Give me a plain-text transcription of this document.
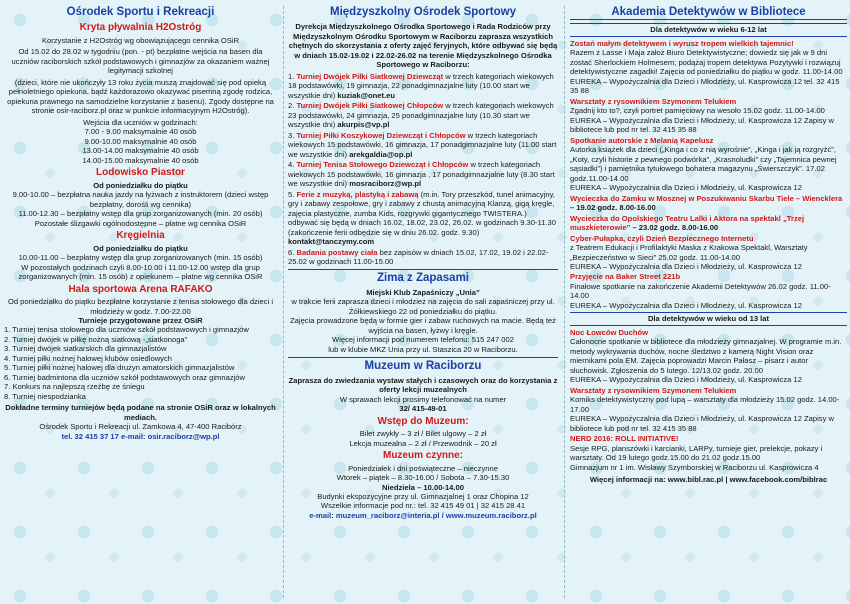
Ośrodek Sportu i Rekreacji
Kryta pływalnia H2Ostróg
Korzystanie z H2Ostróg wg obowiązującego cennika OSiR
Od 15.02 do 28.02 w tygodniu (pon. - pt) bezpłatne wejścia na basen dla uczniów raciborskich szkół podstawowych i gimnazjów za okazaniem ważnej legitymacji szkolnej
(dzieci, które nie ukończyły 13 roku życia muszą znajdować się pod opieką pełnoletniego opiekuna, bądź każdorazowo okazywać pisemną zgodę rodzica, opiekuna prawnego na samodzielne korzystanie z basenu). Zgody dostępne na stronie osir-raciborz.pl oraz w punkcie informacyjnym H2Ostróg).
Wejścia dla uczniów w godzinach:
7.00 - 9.00 maksymalnie 40 osób
9.00-10.00 maksymalnie 40 osób
13.00-14.00 maksymalnie 40 osób
14.00-15.00 maksymalnie 40 osób
Lodowisko Piastor
Od poniedziałku do piątku
9.00-10.00 – bezpłatna nauka jazdy na łyżwach z instruktorem (dzieci wstęp bezpłatny, dorośli wg cennika)
11.00-12.30 – bezpłatny wstęp dla grup zorganizowanych (min. 20 osób)
Pozostałe ślizgawki ogólnodostępne – płatne wg cennika OSiR
Kręgielnia
Od poniedziałku do piątku
10.00-11.00 – bezpłatny wstęp dla grup zorganizowanych (min. 15 osób)
W pozostałych godzinach czyli 8.00-10.00 i 11.00-12.00 wstęp dla grup zorganizowanych (min. 15 osób) z opiekunem – płatne wg cennika OSiR
Hala sportowa Arena RAFAKO
Od poniedziałku do piątku bezpłatne korzystanie z tenisa stołowego dla dzieci i młodzieży w godz. 7.00-22.00
Turnieje przygotowane przez OSiR
1. Turniej tenisa stołowego dla uczniów szkół podstawowych i gimnazjów
2. Turniej dwójek w piłkę nożną siatkową -„siatkonoga”
3. Turniej dwójek siatkarskich dla gimnazjalistów
4. Turniej piłki nożnej halowej klubów osiedlowych
5. Turniej piłki nożnej halowej dla drużyn amatorskich gimnazjalistów
6. Turniej badmintona dla uczniów szkół podstawowych oraz gimnazjów
7. Konkurs na najlepszą rzeźbę ze śniegu
8. Turniej niespodzianka
Dokładne terminy turniejów będą podane na stronie OSiR oraz w lokalnych mediach.
Ośrodek Sportu i Rekreacji ul. Zamkowa 4, 47-400 Racibórz
tel. 32 415 37 17 e-mail: osir.raciborz@wp.pl
Międzyszkolny Ośrodek Sportowy
Dyrekcja Międzyszkolnego Ośrodka Sportowego i Rada Rodziców przy Międzyszkolnym Ośrodku Sportowym w Raciborzu zaprasza wszystkich chętnych do skorzystania z oferty zajęć feryjnych, które odbywać się będą w dniach 15.02-19.02 i 22.02-26.02 na terenie Międzyszkolnego Ośrodka Sportowego w Raciborzu:
1. Turniej Dwójek Piłki Siatkowej Dziewcząt w trzech kategoriach wiekowych 18 podstawówki, 19 gimnazja, 22 ponadgimnazjalne luty (10.00 start we wszystkie dni) kuziak@onet.eu
2. Turniej Dwójek Piłki Siatkowej Chłopców w trzech kategoriach wiekowych 23 podstawówki, 24 gimnazja, 25 ponadgimnazjalne luty (10.30 start we wszystkie dni) akurpis@vp.pl
3. Turniej Piłki Koszykowej Dziewcząt i Chłopców w trzech kategoriach wiekowych 15 podstawówki, 16 gimnazja, 17 ponadgimnazjalne luty (11.00 start we wszystkie dni) arekgaldia@op.pl
4. Turniej Tenisa Stołowego Dziewcząt i Chłopców w trzech kategoriach wiekowych 15 podstawówki, 16 gimnazja , 17 ponadgimnazjalne luty (8.30 start we wszystkie dni) mosraciborz@wp.pl
5. Ferie z muzyką, plastyką i zabawą (m.in. Tory przeszkód, tunel animacyjny, gry i zabawy zespołowe, gry i zabawy z chustą animacyjną Klanzą, gigą kręgle, zajęcia plastyczne, zumba Kids, rozgrywki gigantycznego TWISTERA.) odbywać się będą w dniach 16.02, 18.02, 23.02, 26.02. w godzinach 9.30-11.30 (zakończenie ferii odbędzie się w dniu 26.02. godz. 9.30) kontakt@tanczymy.com
6. Badania postawy ciała bez zapisów w dniach 15.02, 17.02, 19.02 i 22.02-25.02 w godzinach 11.00-15.00
Zima z Zapasami
Miejski Klub Zapaśniczy „Unia”
w trakcie ferii zaprasza dzieci i młodzież na zajęcia do sali zapaśniczej przy ul. Żółkiewskiego 22 od poniedziałku do piątku.
Zajęcia prowadzone będą w formie gier i zabaw ruchowych na macie. Będą też wyjścia na basen, łyżwy i kręgle.
Więcej informacji pod numerem telefonu: 515 247 002
lub w klubie MKZ Unia przy ul. Staszica 20 w Raciborzu.
Muzeum w Raciborzu
Zaprasza do zwiedzania wystaw stałych i czasowych oraz do korzystania z oferty lekcji muzealnych
W sprawach lekcji prosimy telefonować na numer
32/ 415-49-01
Wstęp do Muzeum:
Bilet zwykły – 3 zł / Bilet ulgowy – 2 zł
Lekcja muzealna – 2 zł / Przewodnik – 20 zł
Muzeum czynne:
Poniedziałek i dni poświąteczne – nieczynne
Wtorek – piątek – 8.30-16.00 / Sobota – 7.30-15.30
Niedziela – 10.00-14.00
Budynki ekspozycyjne przy ul. Gimnazjalnej 1 oraz Chopina 12
Wszelkie informacje pod nr.: tel. 32 415 49 01 | 32 415 28 41
e-mail: muzeum_raciborz@interia.pl / www.muzeum.raciborz.pl
Akademia Detektywów w Bibliotece
Dla detektywów w wieku 6-12 lat
Zostań małym detektywem i wyrusz tropem wielkich tajemnic!
Razem z Lasse i Maja założ Biuro Detektywistyczne; dowiedz się jak w 9 dni zostać Sherlockiem Holmesem; podążaj tropem detektywa Pozytywki i rozwiązuj detektywistyczne zagadki! Zajęcia od poniedziałku do piątku w godz. 11.00-14.00
EUREKA – Wypożyczalnia dla Dzieci i Młodzieży, ul. Kasprowicza 12 tel. 32 415 35 88
Warsztaty z rysownikiem Szymonem Telukiem
Zgadnij kto to?, czyli portret pamięciowy na wesoło 15.02 godz. 11.00-14.00
EUREKA – Wypożyczalnia dla Dzieci i Młodzieży, ul. Kasprowicza 12 Zapisy w bibliotece lub pod nr tel. 32 415 35 88
Spotkanie autorskie z Melanią Kapelusz
Autorka książek dla dzieci („Kinga i co z nią wyrośnie”, „Kinga i jak ją rozgryźć”, „Koty, czyli historie z pewnego podwórka”, „Krasnoludki” czy „Tajemnica pewnej sąsiadki”) i pamiętnika tytułowego bohatera magazynu „Świerszczyk”. 17.02 godz.11.00-14.00
EUREKA – Wypożyczalnia dla Dzieci i Młodzieży, ul. Kasprowicza 12
Wycieczka do Zamku w Mosznej w Poszukiwaniu Skarbu Tiele – Wiencklera – 19.02 godz. 8.00-16.00
Wycieczka do Opolskiego Teatru Lalki i Aktora na spektakl „Trzej muszkieterowie” – 23.02 godz. 8.00-16.00
Cyber-Pułapka, czyli Dzień Bezpiecznego Internetu
z Teatrem Edukacji i Profilaktyki Maska z Krakowa Spektakl, Warsztaty „Bezpieczeństwo w Sieci” 25.02 godz. 11.00-14.00
EUREKA – Wypożyczalnia dla Dzieci i Młodzieży, ul. Kasprowicza 12
Przyjęcie na Baker Street 221b
Finałowe spotkanie na zakończenie Akademii Detektywów 26.02 godz. 11.00-14.00
EUREKA – Wypożyczalnia dla Dzieci i Młodzieży, ul. Kasprowicza 12
Dla detektywów w wieku od 13 lat
Noc Łowców Duchów
Całonocne spotkanie w bibliotece dla młodzieży gimnazjalnej. W programie m.in. metody wykrywania duchów, nocne śledztwo z kamerą Night Vision oraz miernikami pola EM. Zajęcia poprowadzi Marcin Pałasz – pisarz i autor słuchowisk. Zgłoszenia do 5 lutego. 12/13.02 godz. 20.00
EUREKA – Wypożyczalnia dla Dzieci i Młodzieży, ul. Kasprowicza 12
Warsztaty z rysownikiem Szymonem Telukiem
Komiks detektywistyczny pod lupą – warsztaty dla młodzieży 15.02 godz. 14.00-17.00
EUREKA – Wypożyczalnia dla Dzieci i Młodzieży, ul. Kasprowicza 12 Zapisy w bibliotece lub pod nr tel. 32 415 35 88
NERD 2016: ROLL INITIATIVE!
Sesje RPG, planszówki i karcianki, LARPy, turnieje gier, prelekcje, pokazy i warsztaty. Od 19 lutego godz.15.00 do 21.02 godz.15.00
Gimnazjum nr 1 im. Wisławy Szymborskiej w Raciborzu ul. Kasprowicza 4
Więcej informacji na: www.bibl.rac.pl | www.facebook.com/biblrac
